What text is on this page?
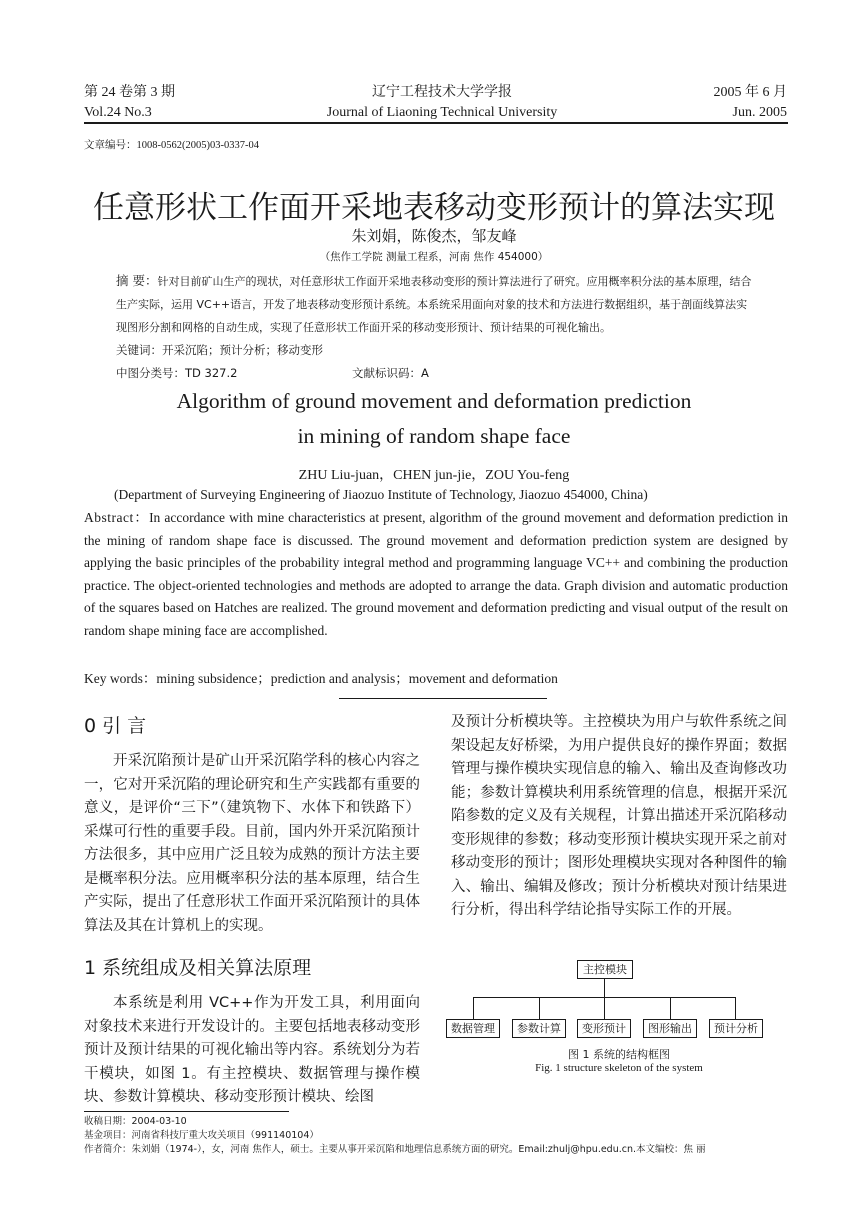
第 24 卷第 3 期	辽宁工程技术大学学报	2005 年 6 月
Vol.24 No.3	Journal of Liaoning Technical University	Jun. 2005
文章编号：1008-0562(2005)03-0337-04
任意形状工作面开采地表移动变形预计的算法实现
朱刘娟，陈俊杰，邹友峰
（焦作工学院 测量工程系，河南 焦作 454000）
摘 要：针对目前矿山生产的现状，对任意形状工作面开采地表移动变形的预计算法进行了研究。应用概率积分法的基本原理，结合生产实际，运用 VC++语言，开发了地表移动变形预计系统。本系统采用面向对象的技术和方法进行数据组织，基于剖面线算法实现图形分割和网格的自动生成，实现了任意形状工作面开采的移动变形预计、预计结果的可视化输出。
关键词：开采沉陷；预计分析；移动变形
中图分类号：TD 327.2	文献标识码：A
Algorithm of ground movement and deformation prediction
in mining of random shape face
ZHU Liu-juan，CHEN jun-jie，ZOU You-feng
(Department of Surveying Engineering of Jiaozuo Institute of Technology, Jiaozuo 454000, China)
Abstract：In accordance with mine characteristics at present, algorithm of the ground movement and deformation prediction in the mining of random shape face is discussed. The ground movement and deformation prediction system are designed by applying the basic principles of the probability integral method and programming language VC++ and combining the production practice. The object-oriented technologies and methods are adopted to arrange the data. Graph division and automatic production of the squares based on Hatches are realized. The ground movement and deformation predicting and visual output of the result on random shape mining face are accomplished.
Key words：mining subsidence；prediction and analysis；movement and deformation
0 引 言
开采沉陷预计是矿山开采沉陷学科的核心内容之一，它对开采沉陷的理论研究和生产实践都有重要的意义，是评价“三下”（建筑物下、水体下和铁路下）采煤可行性的重要手段。目前，国内外开采沉陷预计方法很多，其中应用广泛且较为成熟的预计方法主要是概率积分法。应用概率积分法的基本原理，结合生产实际，提出了任意形状工作面开采沉陷预计的具体算法及其在计算机上的实现。
1 系统组成及相关算法原理
本系统是利用 VC++作为开发工具，利用面向对象技术来进行开发设计的。主要包括地表移动变形预计及预计结果的可视化输出等内容。系统划分为若干模块，如图 1。有主控模块、数据管理与操作模块、参数计算模块、移动变形预计模块、绘图
及预计分析模块等。主控模块为用户与软件系统之间架设起友好桥梁，为用户提供良好的操作界面；数据管理与操作模块实现信息的输入、输出及查询修改功能；参数计算模块利用系统管理的信息，根据开采沉陷参数的定义及有关规程，计算出描述开采沉陷移动变形规律的参数；移动变形预计模块实现开采之前对移动变形的预计；图形处理模块实现对各种图件的输入、输出、编辑及修改；预计分析模块对预计结果进行分析，得出科学结论指导实际工作的开展。
主控模块
数据管理	参数计算	变形预计	图形输出	预计分析
图 1 系统的结构框图
Fig. 1 structure skeleton of the system
收稿日期：2004-03-10
基金项目：河南省科技厅重大攻关项目（991140104）
作者简介：朱刘娟（1974-），女，河南 焦作人，硕士。主要从事开采沉陷和地理信息系统方面的研究。Email:zhulj@hpu.edu.cn.本文编校：焦 丽
